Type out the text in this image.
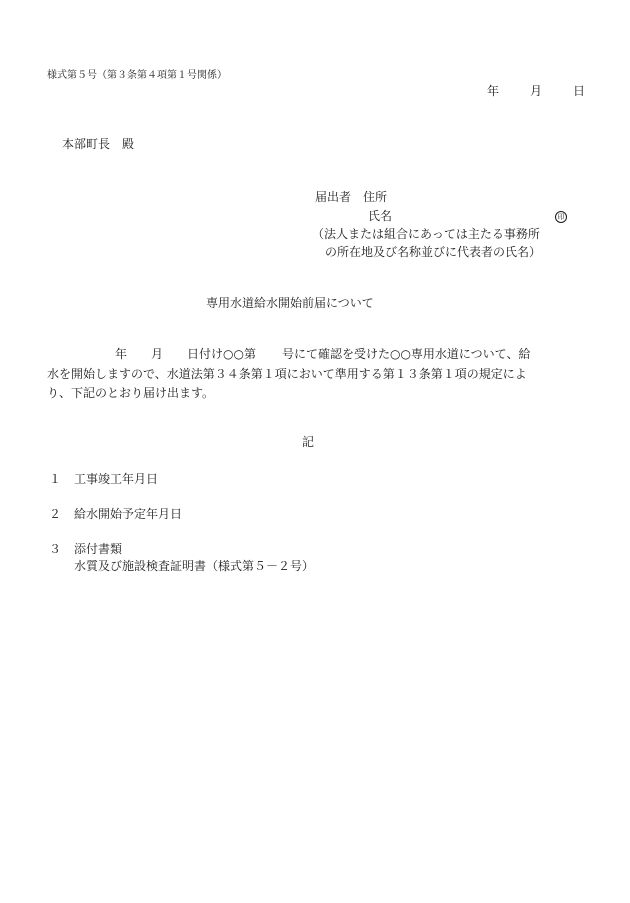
様式第５号（第３条第４項第１号関係）
年	月	日
本部町長　殿
届出者 住所
氏名	印
（法人または組合にあっては主たる事務所
の所在地及び名称並びに代表者の氏名）
専用水道給水開始前届について
年 月 日付け○○第 号にて確認を受けた○○専用水道について、給
水を開始しますので、水道法第３４条第１項において準用する第１３条第１項の規定によ
り、下記のとおり届け出ます。
記
１ 工事竣工年月日
２ 給水開始予定年月日
３ 添付書類
水質及び施設検査証明書（様式第５－２号）
